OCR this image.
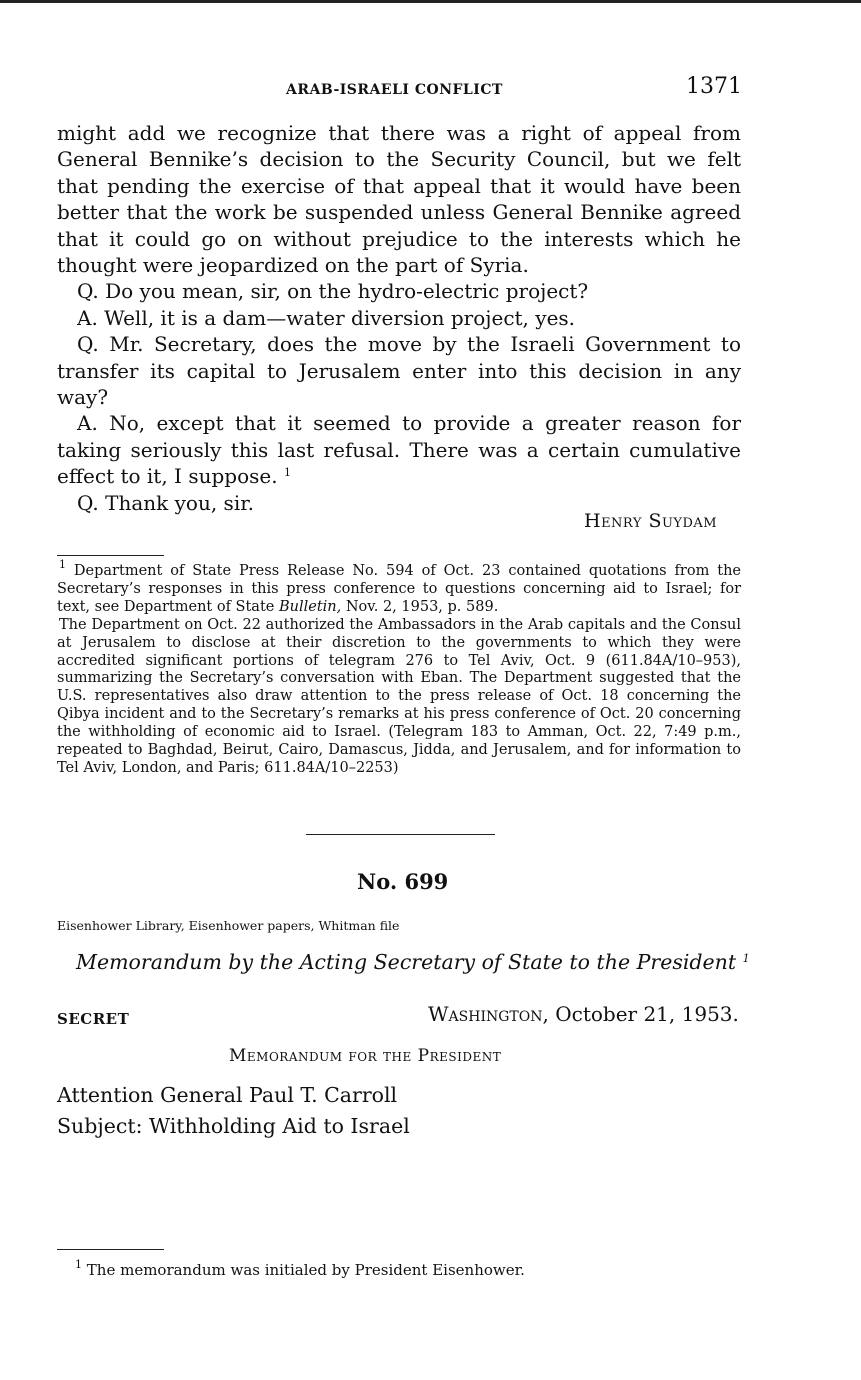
ARAB-ISRAELI CONFLICT	1371

might add we recognize that there was a right of appeal from General Bennike’s decision to the Security Council, but we felt that pending the exercise of that appeal that it would have been better that the work be suspended unless General Bennike agreed that it could go on without prejudice to the interests which he thought were jeopardized on the part of Syria.

Q. Do you mean, sir, on the hydro-electric project?

A. Well, it is a dam—water diversion project, yes.

Q. Mr. Secretary, does the move by the Israeli Government to transfer its capital to Jerusalem enter into this decision in any way?

A. No, except that it seemed to provide a greater reason for taking seriously this last refusal. There was a certain cumulative effect to it, I suppose. $^1$

Q. Thank you, sir.

Henry Suydam

$^1$ Department of State Press Release No. 594 of Oct. 23 contained quotations from the Secretary’s responses in this press conference to questions concerning aid to Israel; for text, see Department of State Bulletin, Nov. 2, 1953, p. 589.

The Department on Oct. 22 authorized the Ambassadors in the Arab capitals and the Consul at Jerusalem to disclose at their discretion to the governments to which they were accredited significant portions of telegram 276 to Tel Aviv, Oct. 9 (611.84A/10–953), summarizing the Secretary’s conversation with Eban. The Department suggested that the U.S. representatives also draw attention to the press release of Oct. 18 concerning the Qibya incident and to the Secretary’s remarks at his press conference of Oct. 20 concerning the withholding of economic aid to Israel. (Telegram 183 to Amman, Oct. 22, 7:49 p.m., repeated to Baghdad, Beirut, Cairo, Damascus, Jidda, and Jerusalem, and for information to Tel Aviv, London, and Paris; 611.84A/10–2253)

No. 699
Eisenhower Library, Eisenhower papers, Whitman file
Memorandum by the Acting Secretary of State to the President $^1$
SECRET	Washington, October 21, 1953.
Memorandum for the President
Attention General Paul T. Carroll
Subject: Withholding Aid to Israel
$^1$ The memorandum was initialed by President Eisenhower.
